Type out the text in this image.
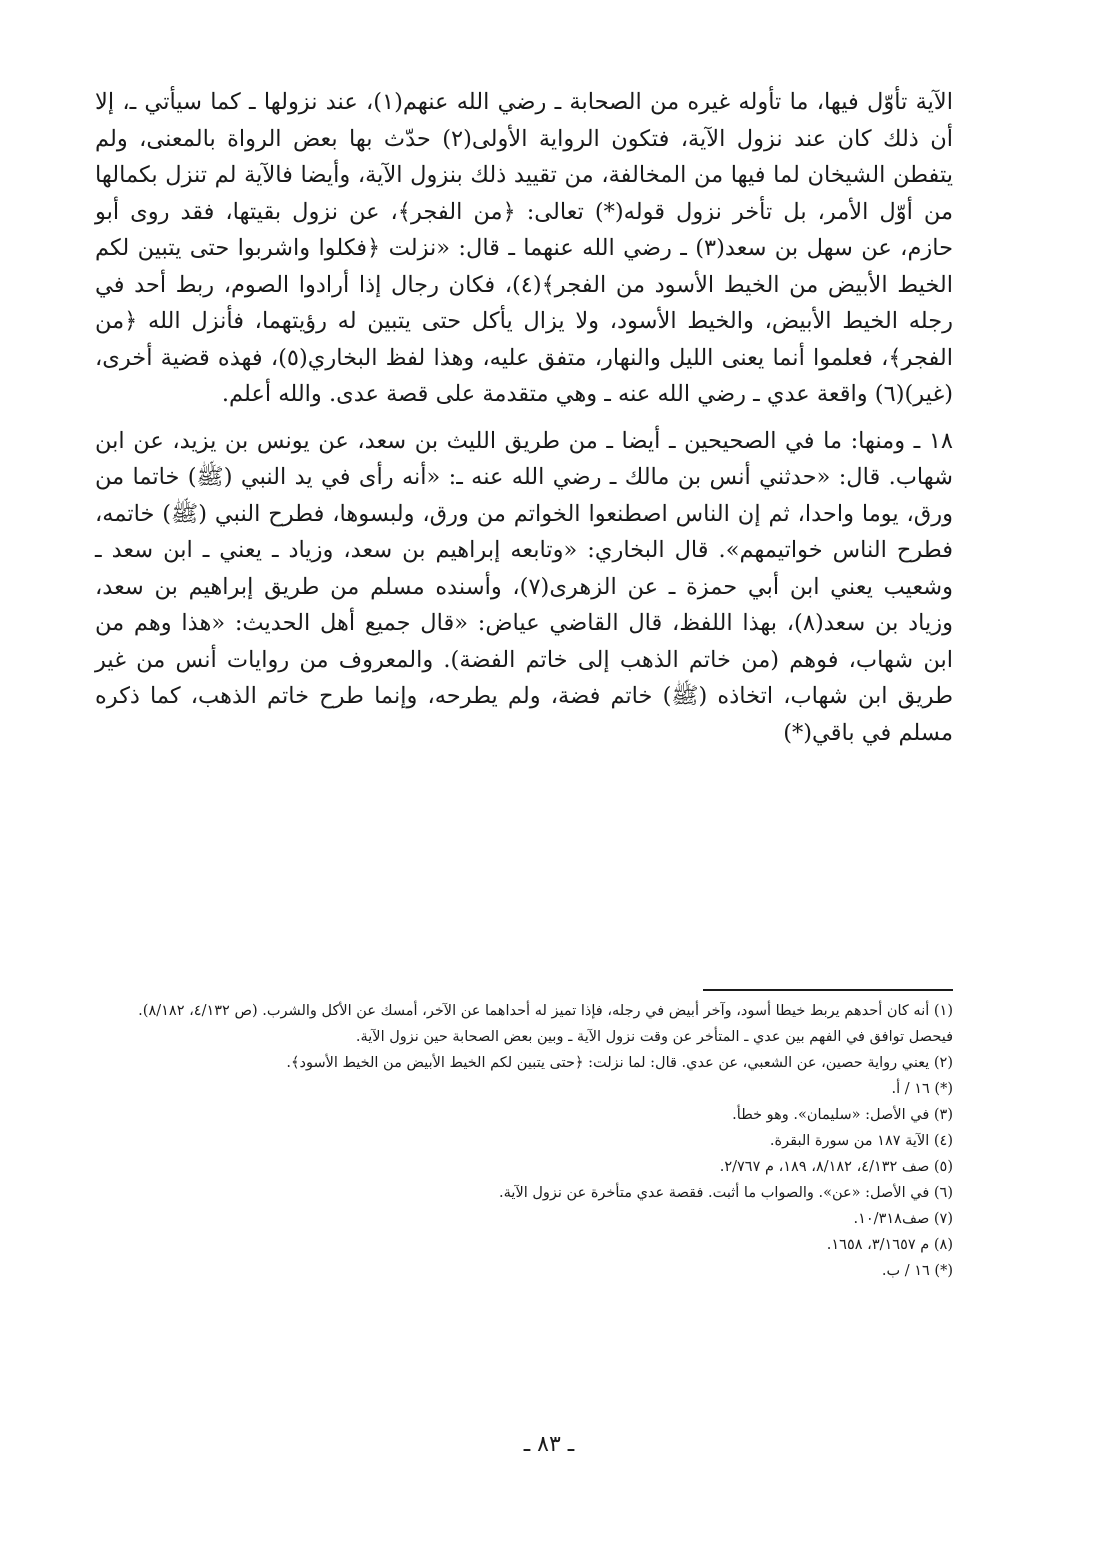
الآية تأوّل فيها، ما تأوله غيره من الصحابة ـ رضي الله عنهم(١)، عند نزولها ـ كما سيأتي ـ، إلا أن ذلك كان عند نزول الآية، فتكون الرواية الأولى(٢) حدّث بها بعض الرواة بالمعنى، ولم يتفطن الشيخان لما فيها من المخالفة، من تقييد ذلك بنزول الآية، وأيضا فالآية لم تنزل بكمالها من أوّل الأمر، بل تأخر نزول قوله(*) تعالى: ﴿من الفجر﴾، عن نزول بقيتها، فقد روى أبو حازم، عن سهل بن سعد(٣) ـ رضي الله عنهما ـ قال: «نزلت ﴿فكلوا واشربوا حتى يتبين لكم الخيط الأبيض من الخيط الأسود من الفجر﴾(٤)، فكان رجال إذا أرادوا الصوم، ربط أحد في رجله الخيط الأبيض، والخيط الأسود، ولا يزال يأكل حتى يتبين له رؤيتهما، فأنزل الله ﴿من الفجر﴾، فعلموا أنما يعنى الليل والنهار، متفق عليه، وهذا لفظ البخاري(٥)، فهذه قضية أخرى، (غير)(٦) واقعة عدي ـ رضي الله عنه ـ وهي متقدمة على قصة عدى. والله أعلم.

١٨ ـ ومنها: ما في الصحيحين ـ أيضا ـ من طريق الليث بن سعد، عن يونس بن يزيد، عن ابن شهاب. قال: «حدثني أنس بن مالك ـ رضي الله عنه ـ: «أنه رأى في يد النبي (ﷺ) خاتما من ورق، يوما واحدا، ثم إن الناس اصطنعوا الخواتم من ورق، ولبسوها، فطرح النبي (ﷺ) خاتمه، فطرح الناس خواتيمهم». قال البخاري: «وتابعه إبراهيم بن سعد، وزياد ـ يعني ـ ابن سعد ـ وشعيب يعني ابن أبي حمزة ـ عن الزهرى(٧)، وأسنده مسلم من طريق إبراهيم بن سعد، وزياد بن سعد(٨)، بهذا اللفظ، قال القاضي عياض: «قال جميع أهل الحديث: «هذا وهم من ابن شهاب، فوهم (من خاتم الذهب إلى خاتم الفضة). والمعروف من روايات أنس من غير طريق ابن شهاب، اتخاذه (ﷺ) خاتم فضة، ولم يطرحه، وإنما طرح خاتم الذهب، كما ذكره مسلم في باقي(*)

(١) أنه كان أحدهم يربط خيطا أسود، وآخر أبيض في رجله، فإذا تميز له أحداهما عن الآخر، أمسك عن الأكل والشرب. (ص ٤/١٣٢، ٨/١٨٢). فيحصل توافق في الفهم بين عدي ـ المتأخر عن وقت نزول الآية ـ وبين بعض الصحابة حين نزول الآية.
(٢) يعني رواية حصين، عن الشعبي، عن عدي. قال: لما نزلت: ﴿حتى يتبين لكم الخيط الأبيض من الخيط الأسود﴾.
(*) ١٦ / أ.
(٣) في الأصل: «سليمان». وهو خطأ.
(٤) الآية ١٨٧ من سورة البقرة.
(٥) صف ٤/١٣٢، ٨/١٨٢، ١٨٩، م ٢/٧٦٧.
(٦) في الأصل: «عن». والصواب ما أثبت. فقصة عدي متأخرة عن نزول الآية.
(٧) صف١٠/٣١٨.
(٨) م ٣/١٦٥٧، ١٦٥٨.
(*) ١٦ / ب.
ـ ٨٣ ـ
